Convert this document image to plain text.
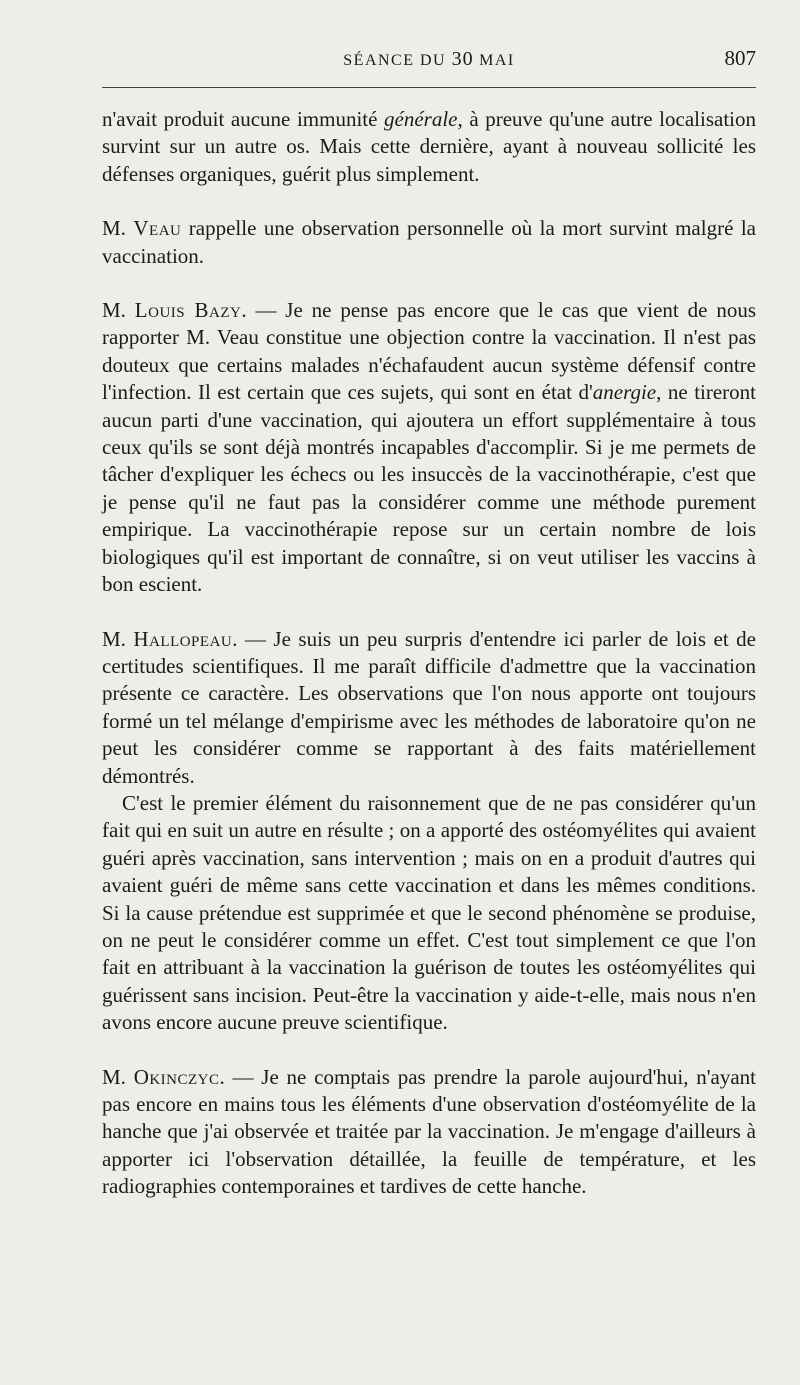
SÉANCE DU 30 MAI	807

n'avait produit aucune immunité générale, à preuve qu'une autre localisation survint sur un autre os. Mais cette dernière, ayant à nouveau sollicité les défenses organiques, guérit plus simplement.

M. Veau rappelle une observation personnelle où la mort survint malgré la vaccination.

M. Louis Bazy. — Je ne pense pas encore que le cas que vient de nous rapporter M. Veau constitue une objection contre la vaccination. Il n'est pas douteux que certains malades n'échafaudent aucun système défensif contre l'infection. Il est certain que ces sujets, qui sont en état d'anergie, ne tireront aucun parti d'une vaccination, qui ajoutera un effort supplémentaire à tous ceux qu'ils se sont déjà montrés incapables d'accomplir. Si je me permets de tâcher d'expliquer les échecs ou les insuccès de la vaccinothérapie, c'est que je pense qu'il ne faut pas la considérer comme une méthode purement empirique. La vaccinothérapie repose sur un certain nombre de lois biologiques qu'il est important de connaître, si on veut utiliser les vaccins à bon escient.

M. Hallopeau. — Je suis un peu surpris d'entendre ici parler de lois et de certitudes scientifiques. Il me paraît difficile d'admettre que la vaccination présente ce caractère. Les observations que l'on nous apporte ont toujours formé un tel mélange d'empirisme avec les méthodes de laboratoire qu'on ne peut les considérer comme se rapportant à des faits matériellement démontrés.

C'est le premier élément du raisonnement que de ne pas considérer qu'un fait qui en suit un autre en résulte ; on a apporté des ostéomyélites qui avaient guéri après vaccination, sans intervention ; mais on en a produit d'autres qui avaient guéri de même sans cette vaccination et dans les mêmes conditions. Si la cause prétendue est supprimée et que le second phénomène se produise, on ne peut le considérer comme un effet. C'est tout simplement ce que l'on fait en attribuant à la vaccination la guérison de toutes les ostéomyélites qui guérissent sans incision. Peut-être la vaccination y aide-t-elle, mais nous n'en avons encore aucune preuve scientifique.

M. Okinczyc. — Je ne comptais pas prendre la parole aujourd'hui, n'ayant pas encore en mains tous les éléments d'une observation d'ostéomyélite de la hanche que j'ai observée et traitée par la vaccination. Je m'engage d'ailleurs à apporter ici l'observation détaillée, la feuille de température, et les radiographies contemporaines et tardives de cette hanche.
